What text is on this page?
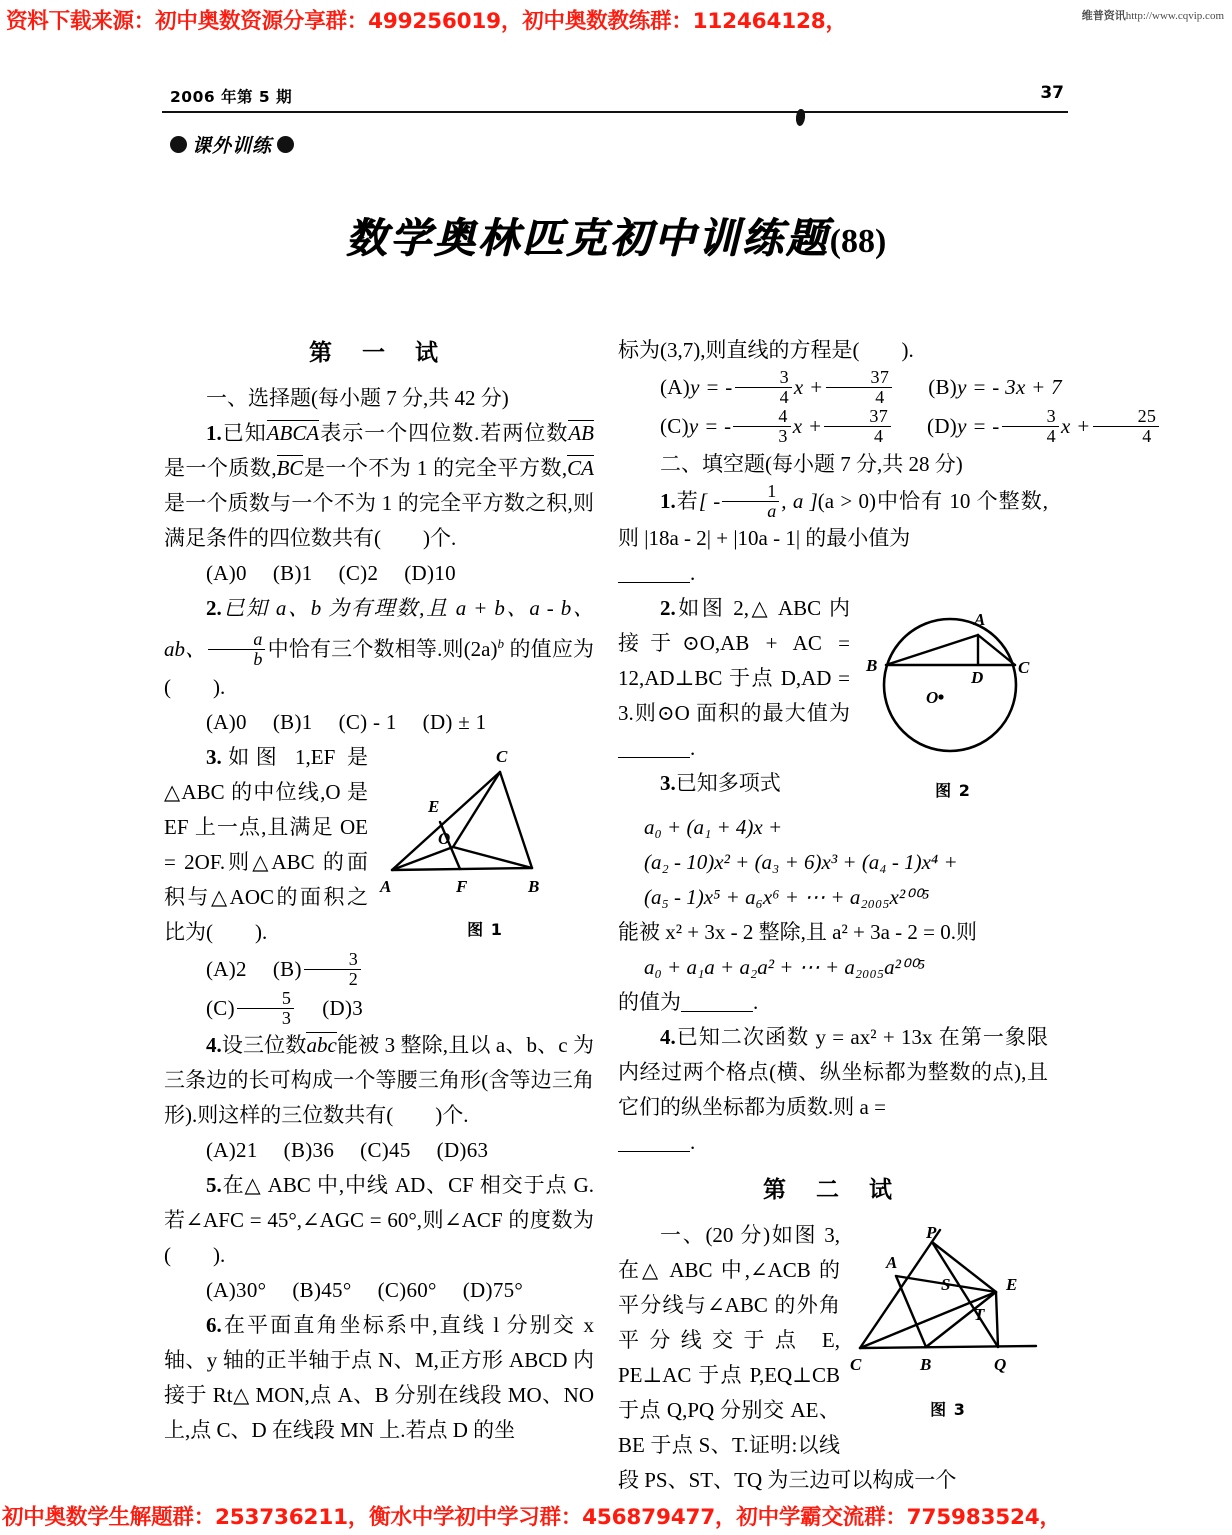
资料下载来源：初中奥数资源分享群：499256019，初中奥数教练群：112464128，	维普资讯http://www.cqvip.com
2006 年第 5 期	37
课外训练
数学奥林匹克初中训练题(88)
第 一 试

一、选择题(每小题 7 分,共 42 分)

1.已知ABCA表示一个四位数.若两位数AB是一个质数,BC是一个不为 1 的完全平方数,CA是一个质数与一个不为 1 的完全平方数之积,则满足条件的四位数共有(　　)个.

(A)0 (B)1 (C)2 (D)10

2.已知 a、b 为有理数,且 a + b、a - b、ab、 $\frac{a}{b}$ 中恰有三个数相等.则$(2a)^b$ 的值应为(　　).

(A)0 (B)1 (C) - 1 (D) ± 1

A	B
C
E
F
O
图 1

3.如图 1,EF 是△ABC 的中位线,O 是 EF 上一点,且满足 OE = 2OF.则△ABC 的面积与△AOC的面积之比为(　　).

(A)2 $(B) \frac{3}{2}$

$(C) \frac{5}{3} (D)3$

4.设三位数abc能被 3 整除,且以 a、b、c 为三条边的长可构成一个等腰三角形(含等边三角形).则这样的三位数共有(　　)个.

(A)21 (B)36 (C)45 (D)63

5.在△ ABC 中,中线 AD、CF 相交于点 G.若∠AFC = 45°,∠AGC = 60°,则∠ACF 的度数为(　　).

(A)30° (B)45° (C)60° (D)75°

6.在平面直角坐标系中,直线 l 分别交 x 轴、y 轴的正半轴于点 N、M,正方形 ABCD 内接于 Rt△ MON,点 A、B 分别在线段 MO、NO 上,点 C、D 在线段 MN 上.若点 D 的坐

标为(3,7),则直线的方程是(　　).

(A)y = - $\frac{3}{4}$ $x + \frac{37}{4} (B)y$ = - 3x + 7

(C)y = - $\frac{4}{3}$ $x + \frac{37}{4} (D)y$ = - $\frac{3}{4}$ $x + \frac{25}{4}$

二、填空题(每小题 7 分,共 28 分)

1.若[ - $\frac{1}{a}$ , a ](a > 0)中恰有 10 个整数,则 |18a - 2| + |10a - 1| 的最小值为

.

A
B	C
D
O
图 2

2.如图 2,△ ABC 内接于⊙O,AB + AC = 12,AD⊥BC 于点 D,AD = 3.则⊙O 面积的最大值为.

3.已知多项式

a₀ + (a₁ + 4)x +

(a₂ - 10)x² + (a₃ + 6)x³ + (a₄ - 1)x⁴ +

(a₅ - 1)x⁵ + a₆x⁶ + ⋯ + a₂₀₀₅x²⁰⁰⁵

能被 x² + 3x - 2 整除,且 a² + 3a - 2 = 0.则

a₀ + a₁a + a₂a² + ⋯ + a₂₀₀₅a²⁰⁰⁵

的值为	.

4.已知二次函数 y = ax² + 13x 在第一象限内经过两个格点(横、纵坐标都为整数的点),且它们的纵坐标都为质数.则 a =

.

第 二 试
P
A
E
S
T
C	B	Q
图 3

一、(20 分)如图 3,在△ ABC 中,∠ACB 的平分线与∠ABC 的外角平分线交于点 E, PE⊥AC 于点 P,EQ⊥CB 于点 Q,PQ 分别交 AE、BE 于点 S、T.证明:以线段 PS、ST、TQ 为三边可以构成一个

初中奥数学生解题群：253736211，衡水中学初中学习群：456879477，初中学霸交流群：775983524，
